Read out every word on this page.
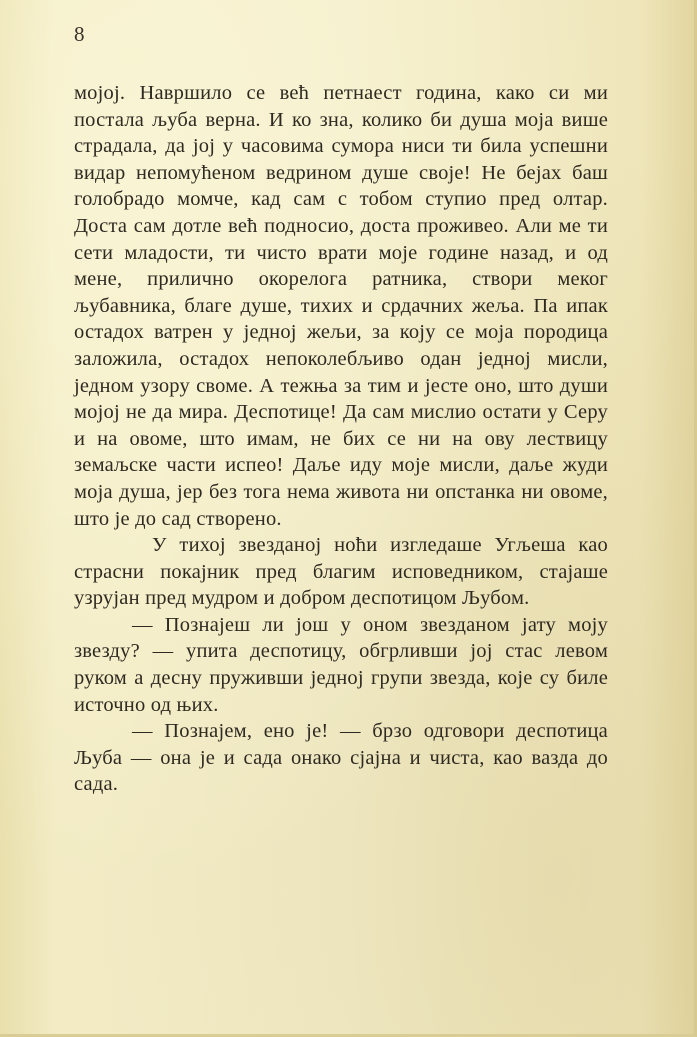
8

мојој. Навршило се већ петнаест година, како си ми постала љуба верна. И ко зна, колико би душа моја више страдала, да јој у часовима сумора ниси ти била успешни видар непомућеном ведрином душе своје! Не бејах баш голобрадо момче, кад сам с тобом ступио пред олтар. Доста сам дотле већ подносио, доста проживео. Али ме ти сети младости, ти чисто врати моје године назад, и од мене, прилично окорелога ратника, створи меког љубавника, благе душе, тихих и срдачних жеља. Па ипак остадох ватрен у једној жељи, за коју се моја породица заложила, остадох непоколебљиво одан једној мисли, једном узору своме. А тежња за тим и јесте оно, што души мојој не да мира. Деспотице! Да сам мислио остати у Серу и на овоме, што имам, не бих се ни на ову лествицу земаљске части испео! Даље иду моје мисли, даље жуди моја душа, јер без тога нема живота ни опстанка ни овоме, што је до сад створено.

У тихој звезданој ноћи изгледаше Угљеша као страсни покајник пред благим исповедником, стајаше узрујан пред мудром и добром деспотицом Љубом.

— Познајеш ли још у оном звезданом јату моју звезду? — упита деспотицу, обгрливши јој стас левом руком а десну пруживши једној групи звезда, које су биле источно од њих.

— Познајем, ено је! — брзо одговори деспотица Љуба — она је и сада онако сјајна и чиста, као вазда до сада.
